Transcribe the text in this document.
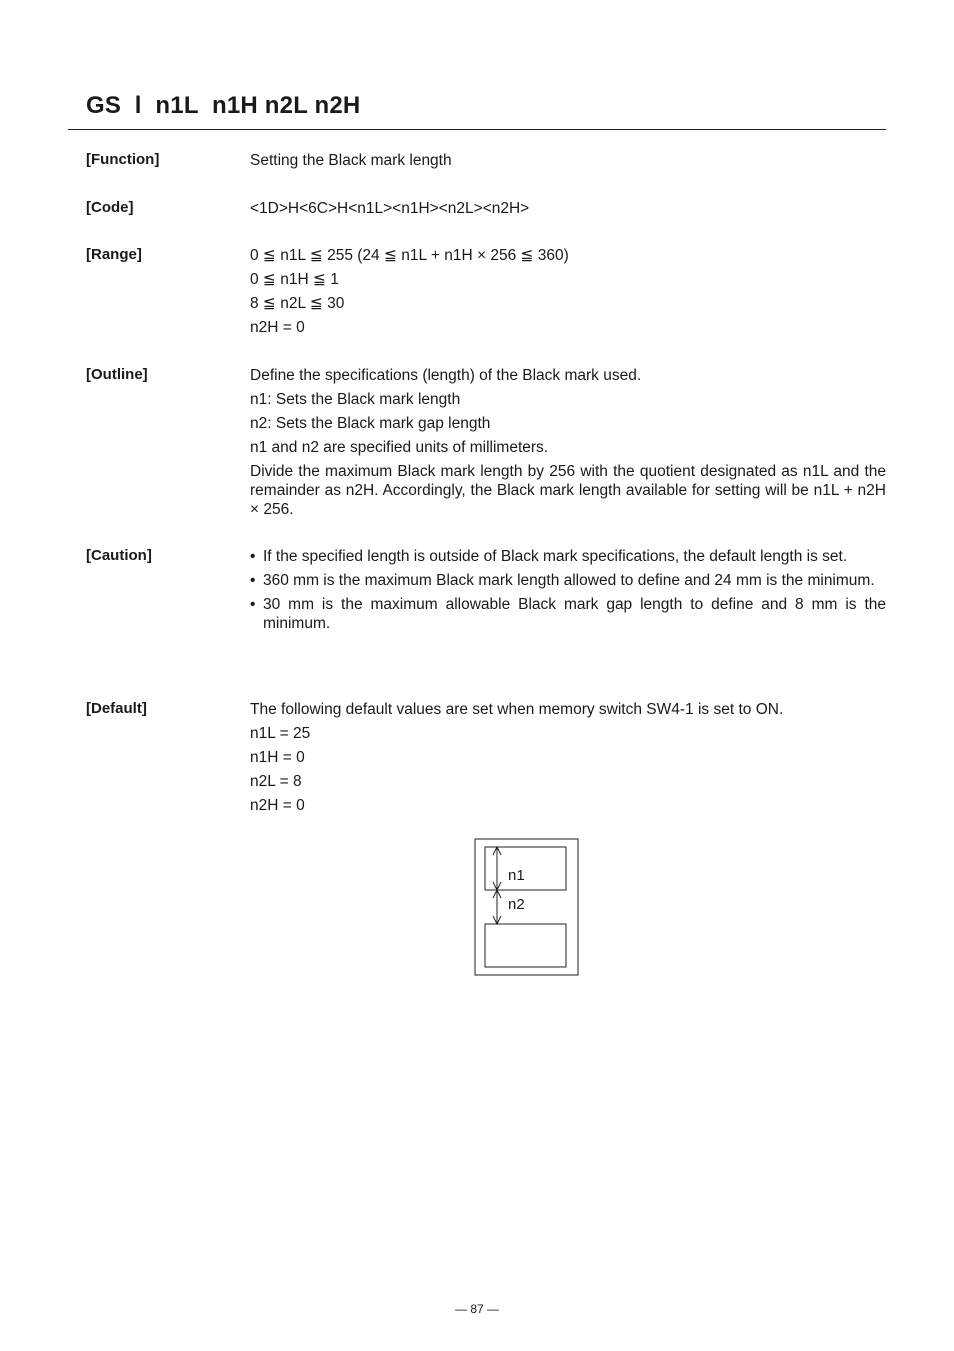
GS  l  n1L  n1H n2L n2H
[Function]	Setting the Black mark length
[Code]	<1D>H<6C>H<n1L><n1H><n2L><n2H>
[Range]	0 ≦ n1L ≦ 255 (24 ≦ n1L + n1H × 256 ≦ 360)
0 ≦ n1H ≦ 1
8 ≦ n2L ≦ 30
n2H = 0
[Outline]	Define the specifications (length) of the Black mark used.
n1: Sets the Black mark length
n2: Sets the Black mark gap length
n1 and n2 are specified units of millimeters.
Divide the maximum Black mark length by 256 with the quotient designated as n1L and the remainder as n2H. Accordingly, the Black mark length available for setting will be n1L + n2H × 256.
[Caution]	• If the specified length is outside of Black mark specifications, the default length is set.
• 360 mm is the maximum Black mark length allowed to define and 24 mm is the minimum.
• 30 mm is the maximum allowable Black mark gap length to define and 8 mm is the minimum.
[Default]	The following default values are set when memory switch SW4-1 is set to ON.
n1L = 25
n1H = 0
n2L = 8
n2H = 0
n1
n2
— 87 —
